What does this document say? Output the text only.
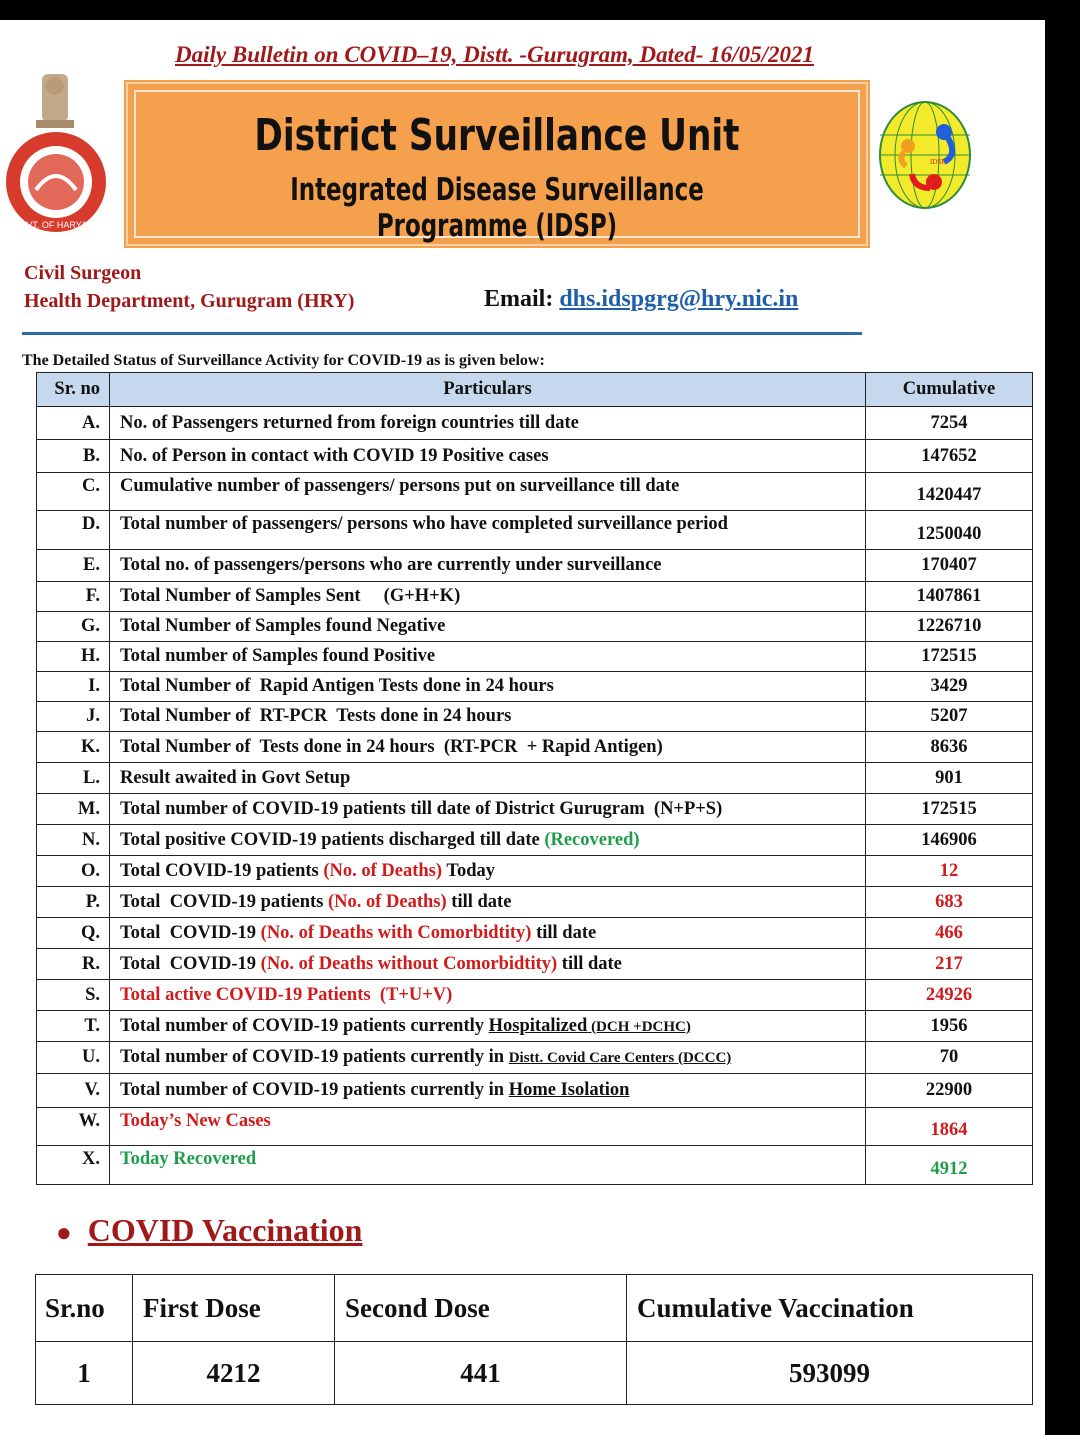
Daily Bulletin on COVID–19, Distt. -Gurugram, Dated- 16/05/2021
GOVT. OF HARYANA
District Surveillance Unit
Integrated Disease Surveillance Programme (IDSP)
IDSP
Civil Surgeon
Health Department, Gurugram (HRY)	Email: dhs.idspgrg@hry.nic.in
The Detailed Status of Surveillance Activity for COVID-19 as is given below:
Sr. no	Particulars	Cumulative
A.	No. of Passengers returned from foreign countries till date	7254
B.	No. of Person in contact with COVID 19 Positive cases	147652
C.	Cumulative number of passengers/ persons put on surveillance till date	1420447
D.	Total number of passengers/ persons who have completed surveillance period	1250040
E.	Total no. of passengers/persons who are currently under surveillance	170407
F.	Total Number of Samples Sent     (G+H+K)	1407861
G.	Total Number of Samples found Negative	1226710
H.	Total number of Samples found Positive	172515
I.	Total Number of  Rapid Antigen Tests done in 24 hours	3429
J.	Total Number of  RT-PCR  Tests done in 24 hours	5207
K.	Total Number of  Tests done in 24 hours  (RT-PCR  + Rapid Antigen)	8636
L.	Result awaited in Govt Setup	901
M.	Total number of COVID-19 patients till date of District Gurugram  (N+P+S)	172515
N.	Total positive COVID-19 patients discharged till date (Recovered)	146906
O.	Total COVID-19 patients (No. of Deaths) Today	12
P.	Total  COVID-19 patients (No. of Deaths) till date	683
Q.	Total  COVID-19 (No. of Deaths with Comorbidtity) till date	466
R.	Total  COVID-19 (No. of Deaths without Comorbidtity) till date	217
S.	Total active COVID-19 Patients  (T+U+V)	24926
T.	Total number of COVID-19 patients currently Hospitalized (DCH +DCHC)	1956
U.	Total number of COVID-19 patients currently in Distt. Covid Care Centers (DCCC)	70
V.	Total number of COVID-19 patients currently in Home Isolation	22900
W.	Today’s New Cases	1864
X.	Today Recovered	4912
● COVID Vaccination
Sr.no	First Dose	Second Dose	Cumulative Vaccination
1	4212	441	593099
